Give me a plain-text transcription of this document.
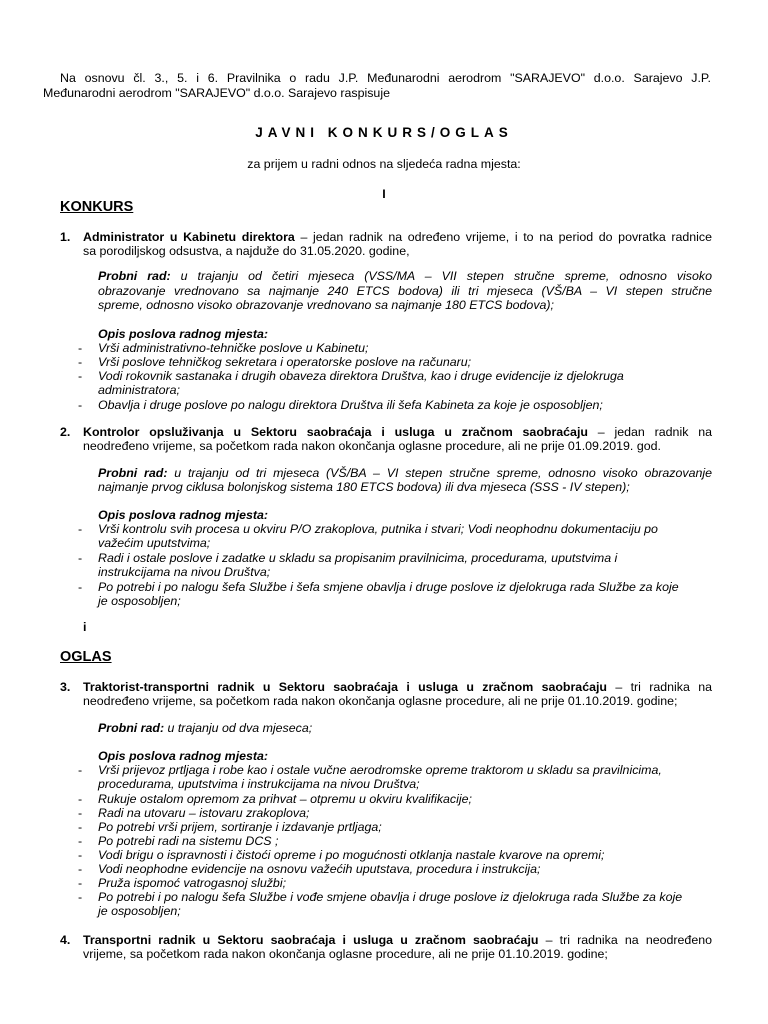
Na osnovu čl. 3., 5. i 6. Pravilnika o radu J.P. Međunarodni aerodrom "SARAJEVO" d.o.o. Sarajevo J.P.
Međunarodni aerodrom "SARAJEVO" d.o.o. Sarajevo raspisuje
JAVNI KONKURS/OGLAS
za prijem u radni odnos na sljedeća radna mjesta:
I
KONKURS
1. Administrator u Kabinetu direktora – jedan radnik na određeno vrijeme, i to na period do povratka radnice
sa porodiljskog odsustva, a najduže do 31.05.2020. godine,
Probni rad: u trajanju od četiri mjeseca (VSS/MA – VII stepen stručne spreme, odnosno visoko
obrazovanje vrednovano sa najmanje 240 ETCS bodova) ili tri mjeseca (VŠ/BA – VI stepen stručne
spreme, odnosno visoko obrazovanje vrednovano sa najmanje 180 ETCS bodova);
Opis poslova radnog mjesta:
- Vrši administrativno-tehničke poslove u Kabinetu;
- Vrši poslove tehničkog sekretara i operatorske poslove na računaru;
- Vodi rokovnik sastanaka i drugih obaveza direktora Društva, kao i druge evidencije iz djelokruga
administratora;
- Obavlja i druge poslove po nalogu direktora Društva ili šefa Kabineta za koje je osposobljen;
2. Kontrolor opsluživanja u Sektoru saobraćaja i usluga u zračnom saobraćaju – jedan radnik na
neodređeno vrijeme, sa početkom rada nakon okončanja oglasne procedure, ali ne prije 01.09.2019. god.
Probni rad: u trajanju od tri mjeseca (VŠ/BA – VI stepen stručne spreme, odnosno visoko obrazovanje
najmanje prvog ciklusa bolonjskog sistema 180 ETCS bodova) ili dva mjeseca (SSS - IV stepen);
Opis poslova radnog mjesta:
- Vrši kontrolu svih procesa u okviru P/O zrakoplova, putnika i stvari; Vodi neophodnu dokumentaciju po
važećim uputstvima;
- Radi i ostale poslove i zadatke u skladu sa propisanim pravilnicima, procedurama, uputstvima i
instrukcijama na nivou Društva;
- Po potrebi i po nalogu šefa Službe i šefa smjene obavlja i druge poslove iz djelokruga rada Službe za koje
je osposobljen;
i
OGLAS
3. Traktorist-transportni radnik u Sektoru saobraćaja i usluga u zračnom saobraćaju – tri radnika na
neodređeno vrijeme, sa početkom rada nakon okončanja oglasne procedure, ali ne prije 01.10.2019. godine;
Probni rad: u trajanju od dva mjeseca;
Opis poslova radnog mjesta:
- Vrši prijevoz prtljaga i robe kao i ostale vučne aerodromske opreme traktorom u skladu sa pravilnicima,
procedurama, uputstvima i instrukcijama na nivou Društva;
- Rukuje ostalom opremom za prihvat – otpremu u okviru kvalifikacije;
- Radi na utovaru – istovaru zrakoplova;
- Po potrebi vrši prijem, sortiranje i izdavanje prtljaga;
- Po potrebi radi na sistemu DCS ;
- Vodi brigu o ispravnosti i čistoći opreme i po mogućnosti otklanja nastale kvarove na opremi;
- Vodi neophodne evidencije na osnovu važećih uputstava, procedura i instrukcija;
- Pruža ispomoć vatrogasnoj službi;
- Po potrebi i po nalogu šefa Službe i vođe smjene obavlja i druge poslove iz djelokruga rada Službe za koje
je osposobljen;
4. Transportni radnik u Sektoru saobraćaja i usluga u zračnom saobraćaju – tri radnika na neodređeno
vrijeme, sa početkom rada nakon okončanja oglasne procedure, ali ne prije 01.10.2019. godine;
